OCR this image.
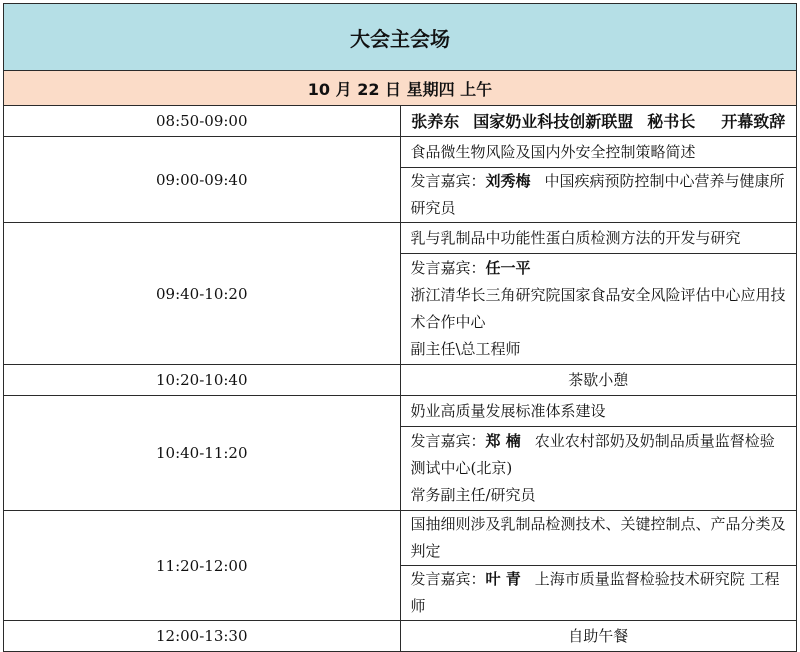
大会主会场	
10 月 22 日 星期四 上午	
08:50-09:00	张养东 国家奶业科技创新联盟 秘书长 开幕致辞
09:00-09:40	食品微生物风险及国内外安全控制策略简述
	发言嘉宾：刘秀梅 中国疾病预防控制中心营养与健康所 研究员
09:40-10:20	乳与乳制品中功能性蛋白质检测方法的开发与研究

	发言嘉宾：任一平
浙江清华长三角研究院国家食品安全风险评估中心应用技术合作中心
副主任\总工程师

10:20-10:40	茶歇小憩
10:40-11:20	奶业高质量发展标准体系建设

	发言嘉宾：郑 楠 农业农村部奶及奶制品质量监督检验测试中心(北京)
常务副主任/研究员

11:20-12:00	国抽细则涉及乳制品检测技术、关键控制点、产品分类及判定
	发言嘉宾：叶 青 上海市质量监督检验技术研究院 工程师
12:00-13:30	自助午餐
